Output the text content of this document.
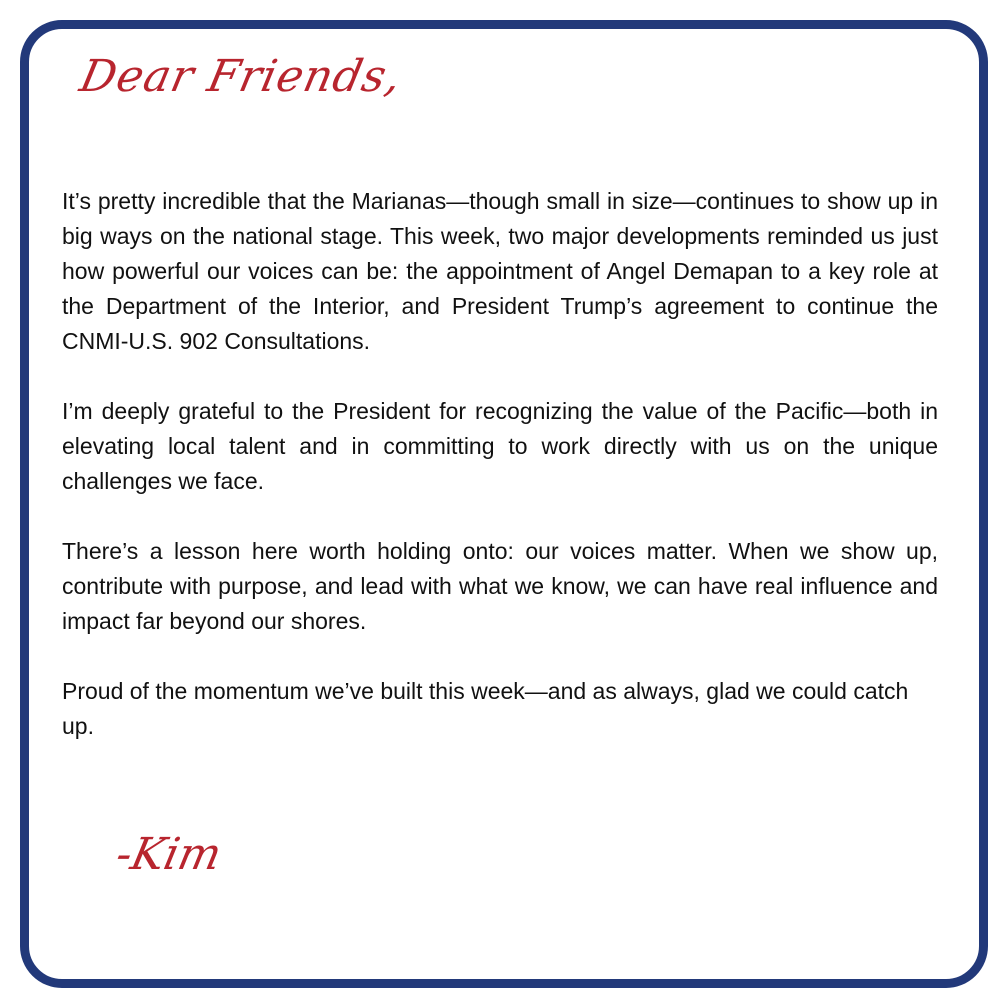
Dear Friends,

It’s pretty incredible that the Marianas—though small in size—continues to show up in big ways on the national stage. This week, two major developments reminded us just how powerful our voices can be: the appointment of Angel Demapan to a key role at the Department of the Interior, and President Trump’s agreement to continue the CNMI-U.S. 902 Consultations.

I’m deeply grateful to the President for recognizing the value of the Pacific—both in elevating local talent and in committing to work directly with us on the unique challenges we face.

There’s a lesson here worth holding onto: our voices matter. When we show up, contribute with purpose, and lead with what we know, we can have real influence and impact far beyond our shores.

Proud of the momentum we’ve built this week—and as always, glad we could catch up.

-Kim
